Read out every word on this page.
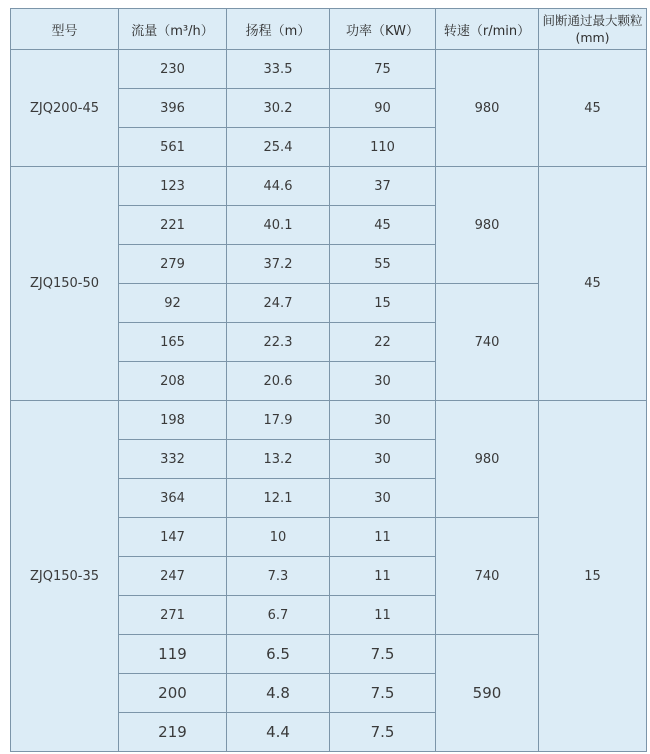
型号	流量（m³/h）	扬程（m）	功率（KW）	转速（r/min）	间断通过最大颗粒(mm)
ZJQ200-45	230	33.5	75	980	45
	396	30.2	90		
	561	25.4	110		
ZJQ150-50	123	44.6	37	980	45
	221	40.1	45		
	279	37.2	55		
	92	24.7	15	740	
	165	22.3	22		
	208	20.6	30		
ZJQ150-35	198	17.9	30	980	15
	332	13.2	30		
	364	12.1	30		
	147	10	11	740	
	247	7.3	11		
	271	6.7	11		
	119	6.5	7.5	590	
	200	4.8	7.5		
	219	4.4	7.5		
